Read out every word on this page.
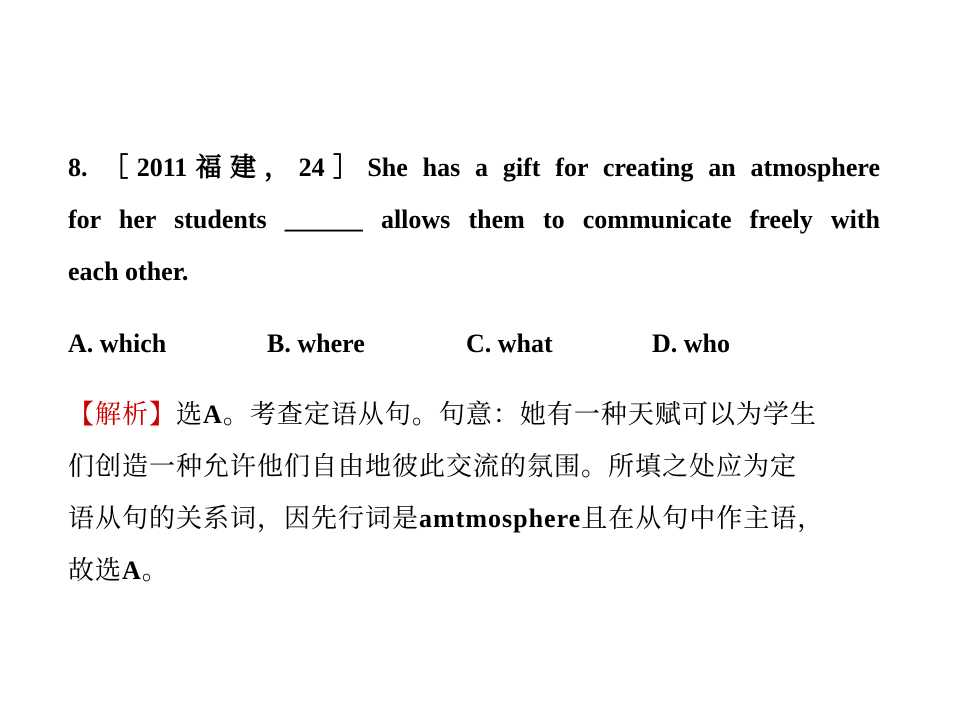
8. ［2011福建，24］She has a gift for creating an atmosphere
for her students ______ allows them to communicate freely with
each other.
A. which	B. where	C. what	D. who
【解析】选A。考查定语从句。句意：她有一种天赋可以为学生
们创造一种允许他们自由地彼此交流的氛围。所填之处应为定
语从句的关系词，因先行词是amtmosphere且在从句中作主语，
故选A。
